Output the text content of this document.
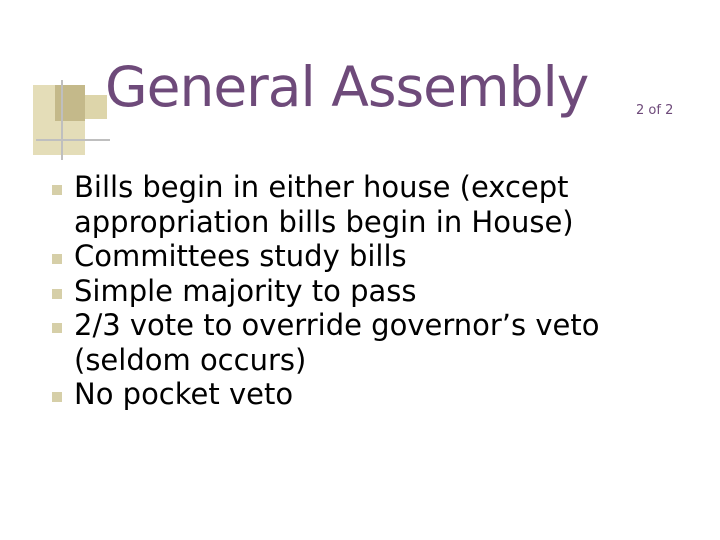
General Assembly	2 of 2
Bills begin in either house (except appropriation bills begin in House)
Committees study bills
Simple majority to pass
2/3 vote to override governor’s veto (seldom occurs)
No pocket veto
